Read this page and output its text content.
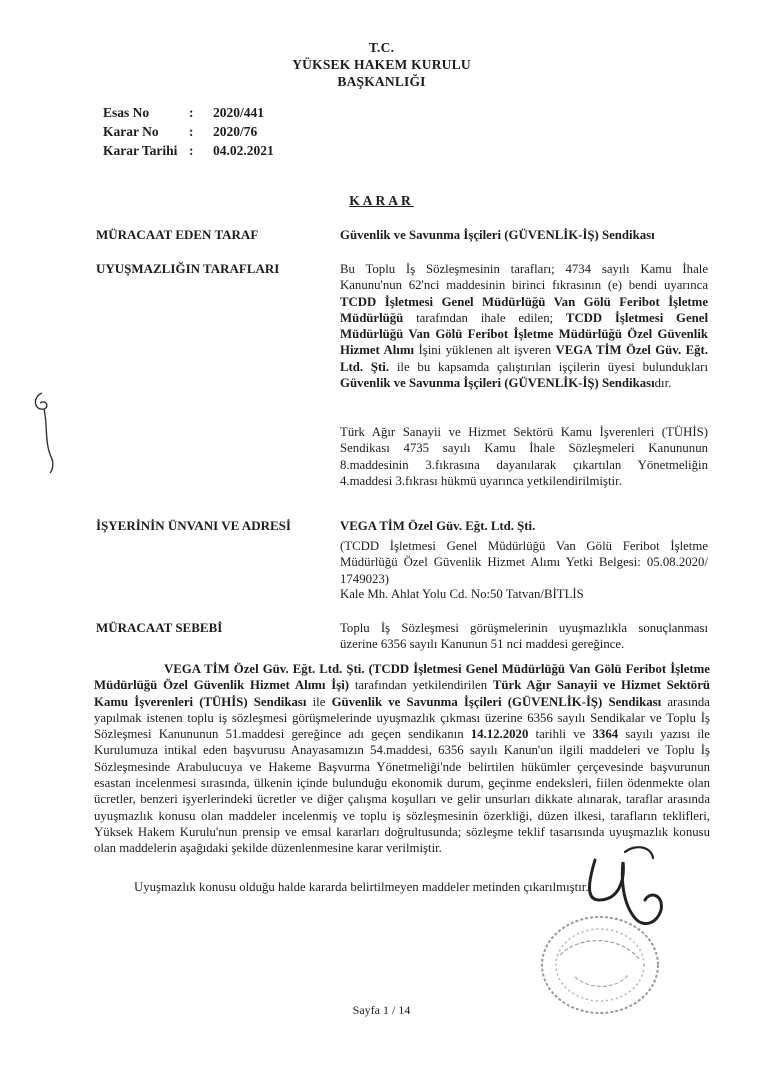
T.C.
YÜKSEK HAKEM KURULU
BAŞKANLIĞI
Esas No	:	2020/441
Karar No	:	2020/76
Karar Tarihi :	04.02.2021
KARAR
MÜRACAAT EDEN TARAF	Güvenlik ve Savunma İşçileri (GÜVENLİK-İŞ) Sendikası
UYUŞMAZLIĞIN TARAFLARI	Bu Toplu İş Sözleşmesinin tarafları; 4734 sayılı Kamu İhale Kanunu'nun 62'nci maddesinin birinci fıkrasının (e) bendi uyarınca TCDD İşletmesi Genel Müdürlüğü Van Gölü Feribot İşletme Müdürlüğü tarafından ihale edilen; TCDD İşletmesi Genel Müdürlüğü Van Gölü Feribot İşletme Müdürlüğü Özel Güvenlik Hizmet Alımı İşini yüklenen alt işveren VEGA TİM Özel Güv. Eğt. Ltd. Şti. ile bu kapsamda çalıştırılan işçilerin üyesi bulundukları Güvenlik ve Savunma İşçileri (GÜVENLİK-İŞ) Sendikasıdır.
Türk Ağır Sanayii ve Hizmet Sektörü Kamu İşverenleri (TÜHİS) Sendikası 4735 sayılı Kamu İhale Sözleşmeleri Kanununun 8.maddesinin 3.fıkrasına dayanılarak çıkartılan Yönetmeliğin 4.maddesi 3.fıkrası hükmü uyarınca yetkilendirilmiştir.
İŞYERİNİN ÜNVANI VE ADRESİ	VEGA TİM Özel Güv. Eğt. Ltd. Şti.
(TCDD İşletmesi Genel Müdürlüğü Van Gölü Feribot İşletme Müdürlüğü Özel Güvenlik Hizmet Alımı Yetki Belgesi: 05.08.2020/ 1749023)
Kale Mh. Ahlat Yolu Cd. No:50 Tatvan/BİTLİS
MÜRACAAT SEBEBİ	Toplu İş Sözleşmesi görüşmelerinin uyuşmazlıkla sonuçlanması üzerine 6356 sayılı Kanunun 51 nci maddesi gereğince.
VEGA TİM Özel Güv. Eğt. Ltd. Şti. (TCDD İşletmesi Genel Müdürlüğü Van Gölü Feribot İşletme Müdürlüğü Özel Güvenlik Hizmet Alımı İşi) tarafından yetkilendirilen Türk Ağır Sanayii ve Hizmet Sektörü Kamu İşverenleri (TÜHİS) Sendikası ile Güvenlik ve Savunma İşçileri (GÜVENLİK-İŞ) Sendikası arasında yapılmak istenen toplu iş sözleşmesi görüşmelerinde uyuşmazlık çıkması üzerine 6356 sayılı Sendikalar ve Toplu İş Sözleşmesi Kanununun 51.maddesi gereğince adı geçen sendikanın 14.12.2020 tarihli ve 3364 sayılı yazısı ile Kurulumuza intikal eden başvurusu Anayasamızın 54.maddesi, 6356 sayılı Kanun'un ilgili maddeleri ve Toplu İş Sözleşmesinde Arabulucuya ve Hakeme Başvurma Yönetmeliği'nde belirtilen hükümler çerçevesinde başvurunun esastan incelenmesi sırasında, ülkenin içinde bulunduğu ekonomik durum, geçinme endeksleri, fiilen ödenmekte olan ücretler, benzeri işyerlerindeki ücretler ve diğer çalışma koşulları ve gelir unsurları dikkate alınarak, taraflar arasında uyuşmazlık konusu olan maddeler incelenmiş ve toplu iş sözleşmesinin özerkliği, düzen ilkesi, tarafların teklifleri, Yüksek Hakem Kurulu'nun prensip ve emsal kararları doğrultusunda; sözleşme teklif tasarısında uyuşmazlık konusu olan maddelerin aşağıdaki şekilde düzenlenmesine karar verilmiştir.
Uyuşmazlık konusu olduğu halde kararda belirtilmeyen maddeler metinden çıkarılmıştır.
Sayfa 1 / 14
